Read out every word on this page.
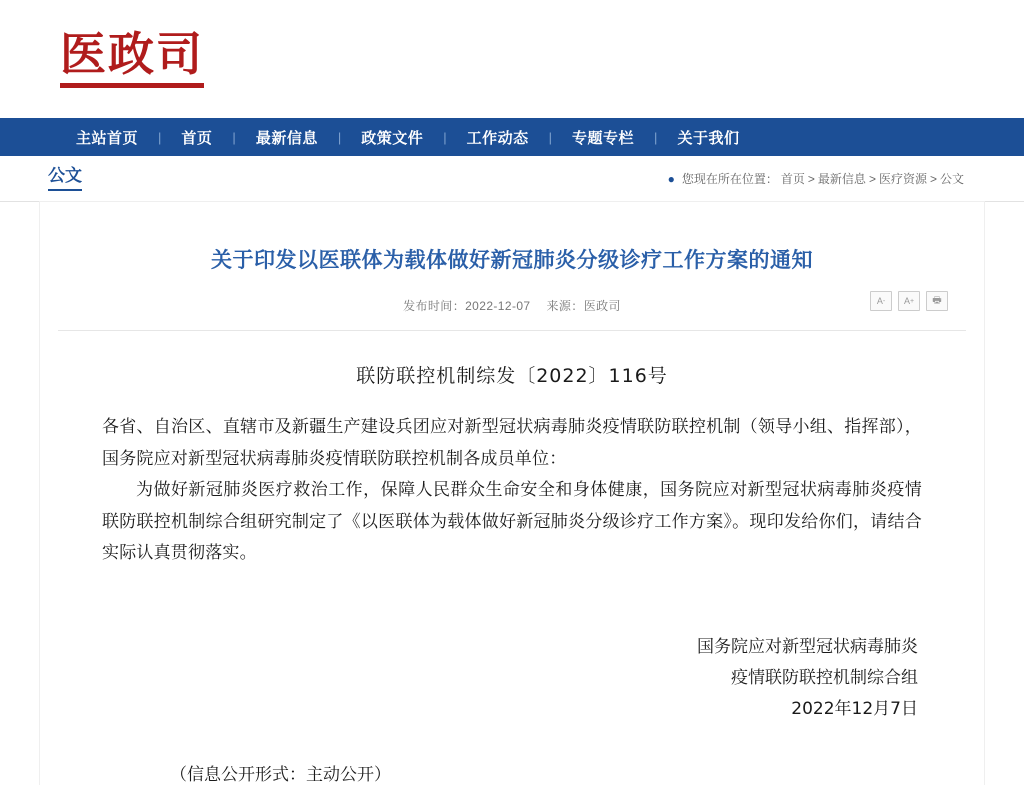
医政司
主站首页	|	首页	|	最新信息	|	政策文件	|	工作动态	|	专题专栏	|	关于我们
公文	● 您现在所在位置： 首页 > 最新信息 > 医疗资源 > 公文
关于印发以医联体为载体做好新冠肺炎分级诊疗工作方案的通知
发布时间：2022-12-07 来源：医政司	A - A + 🖶
联防联控机制综发〔2022〕116号
各省、自治区、直辖市及新疆生产建设兵团应对新型冠状病毒肺炎疫情联防联控机制（领导小组、指挥部），国务院应对新型冠状病毒肺炎疫情联防联控机制各成员单位：
为做好新冠肺炎医疗救治工作，保障人民群众生命安全和身体健康，国务院应对新型冠状病毒肺炎疫情联防联控机制综合组研究制定了《以医联体为载体做好新冠肺炎分级诊疗工作方案》。现印发给你们，请结合实际认真贯彻落实。
国务院应对新型冠状病毒肺炎
疫情联防联控机制综合组
2022年12月7日
（信息公开形式：主动公开）
